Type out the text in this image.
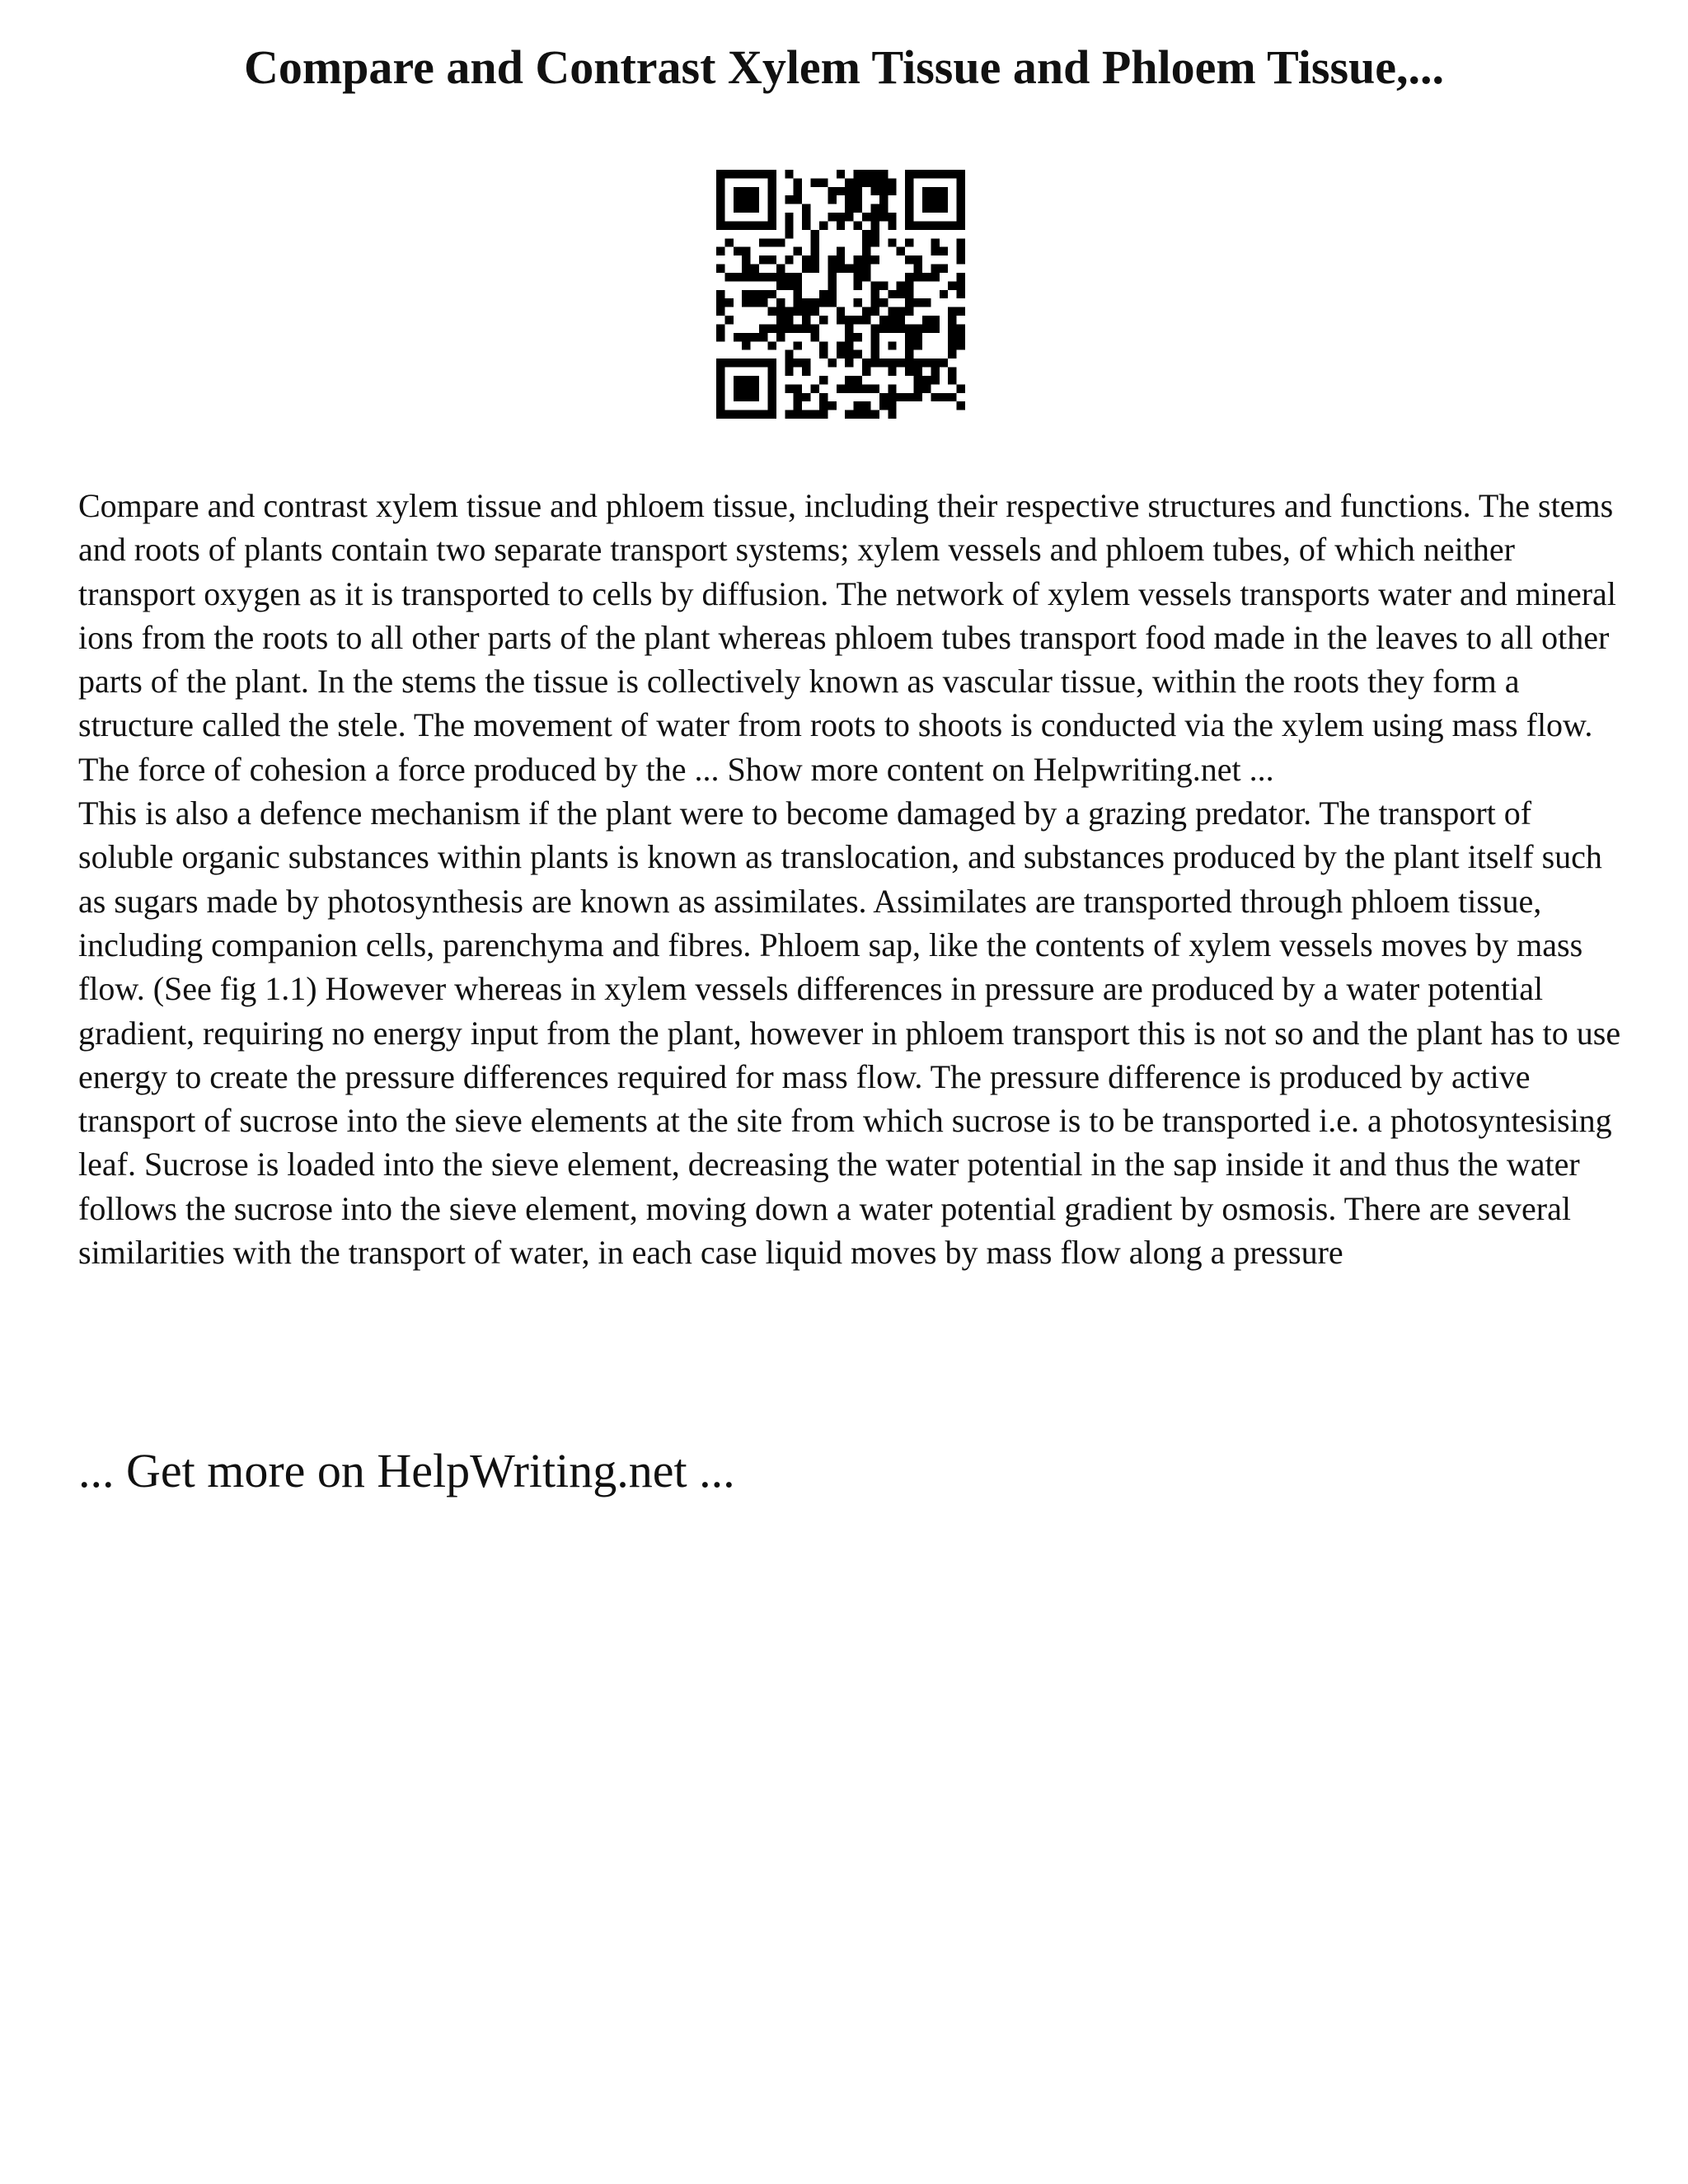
Compare and Contrast Xylem Tissue and Phloem Tissue,...

Compare and contrast xylem tissue and phloem tissue, including their respective structures and functions. The stems and roots of plants contain two separate transport systems; xylem vessels and phloem tubes, of which neither transport oxygen as it is transported to cells by diffusion. The network of xylem vessels transports water and mineral ions from the roots to all other parts of the plant whereas phloem tubes transport food made in the leaves to all other parts of the plant. In the stems the tissue is collectively known as vascular tissue, within the roots they form a structure called the stele. The movement of water from roots to shoots is conducted via the xylem using mass flow. The force of cohesion a force produced by the ... Show more content on Helpwriting.net ...

This is also a defence mechanism if the plant were to become damaged by a grazing predator. The transport of soluble organic substances within plants is known as translocation, and substances produced by the plant itself such as sugars made by photosynthesis are known as assimilates. Assimilates are transported through phloem tissue, including companion cells, parenchyma and fibres. Phloem sap, like the contents of xylem vessels moves by mass flow. (See fig 1.1) However whereas in xylem vessels differences in pressure are produced by a water potential gradient, requiring no energy input from the plant, however in phloem transport this is not so and the plant has to use energy to create the pressure differences required for mass flow. The pressure difference is produced by active transport of sucrose into the sieve elements at the site from which sucrose is to be transported i.e. a photosyntesising leaf. Sucrose is loaded into the sieve element, decreasing the water potential in the sap inside it and thus the water follows the sucrose into the sieve element, moving down a water potential gradient by osmosis. There are several similarities with the transport of water, in each case liquid moves by mass flow along a pressure

... Get more on HelpWriting.net ...
